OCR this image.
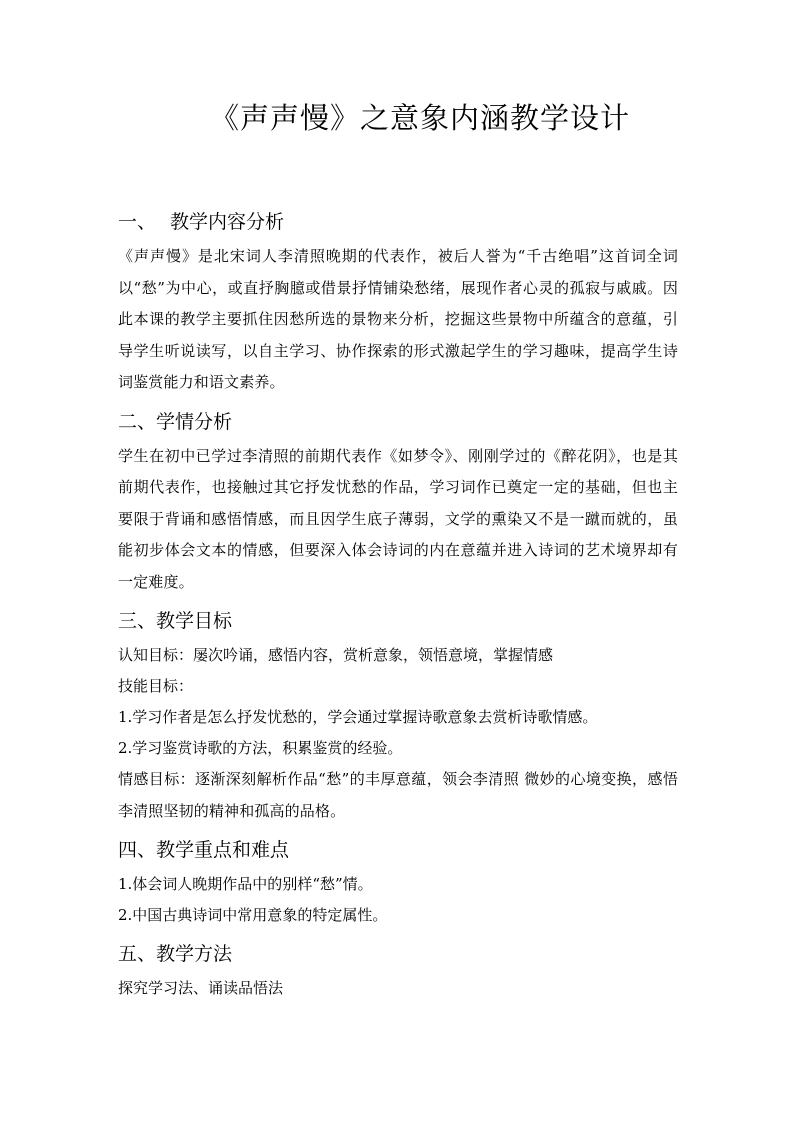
《声声慢》之意象内涵教学设计

一、 教学内容分析

《声声慢》是北宋词人李清照晚期的代表作，被后人誉为“千古绝唱”这首词全词以“愁”为中心，或直抒胸臆或借景抒情铺染愁绪，展现作者心灵的孤寂与戚戚。因此本课的教学主要抓住因愁所选的景物来分析，挖掘这些景物中所蕴含的意蕴，引导学生听说读写，以自主学习、协作探索的形式激起学生的学习趣味，提高学生诗词鉴赏能力和语文素养。

二、学情分析

学生在初中已学过李清照的前期代表作《如梦令》、刚刚学过的《醉花阴》，也是其前期代表作，也接触过其它抒发忧愁的作品，学习词作已奠定一定的基础，但也主要限于背诵和感悟情感，而且因学生底子薄弱，文学的熏染又不是一蹴而就的，虽能初步体会文本的情感，但要深入体会诗词的内在意蕴并进入诗词的艺术境界却有一定难度。

三、教学目标

认知目标：屡次吟诵，感悟内容，赏析意象，领悟意境，掌握情感

技能目标：

1.学习作者是怎么抒发忧愁的，学会通过掌握诗歌意象去赏析诗歌情感。

2.学习鉴赏诗歌的方法，积累鉴赏的经验。

情感目标：逐渐深刻解析作品“愁”的丰厚意蕴，领会李清照 微妙的心境变换，感悟李清照坚韧的精神和孤高的品格。

四、教学重点和难点

1.体会词人晚期作品中的别样“愁”情。

2.中国古典诗词中常用意象的特定属性。

五、教学方法

探究学习法、诵读品悟法
